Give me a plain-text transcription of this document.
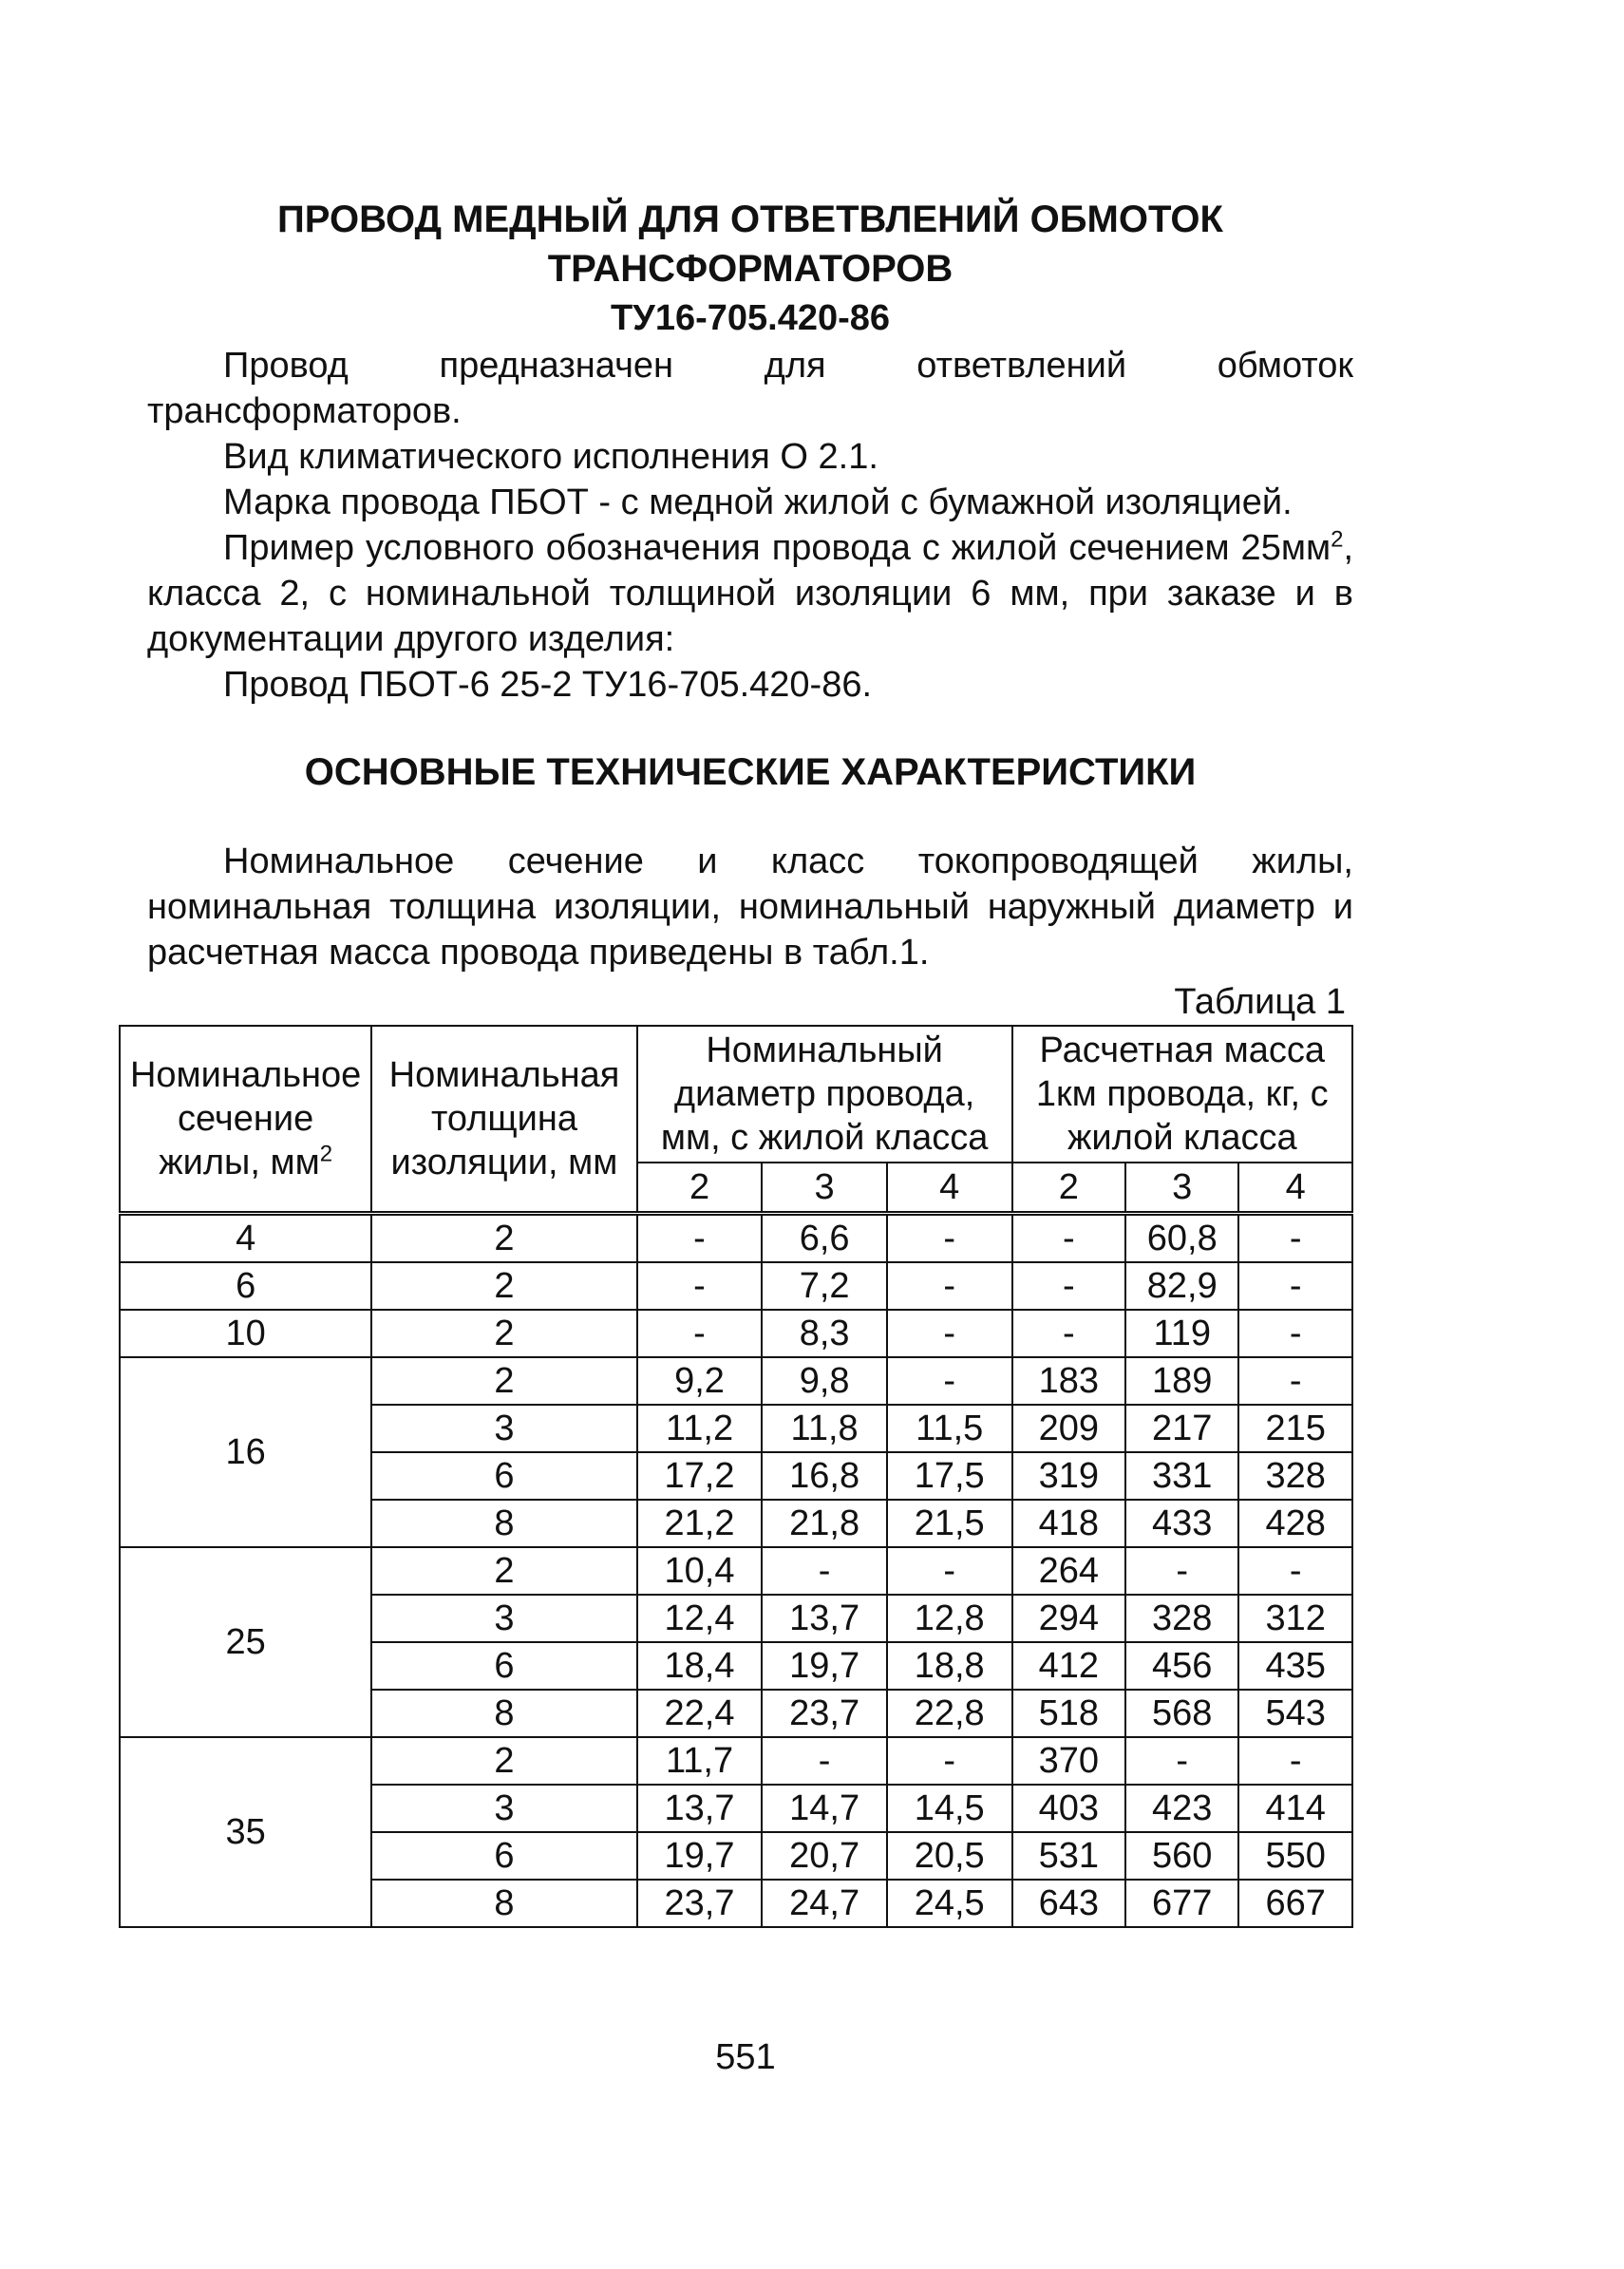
ПРОВОД МЕДНЫЙ ДЛЯ ОТВЕТВЛЕНИЙ ОБМОТОК

ТРАНСФОРМАТОРОВ

ТУ16-705.420-86

Провод предназначен для ответвлений обмоток трансформаторов.

Вид климатического исполнения О 2.1.

Марка провода ПБОТ - с медной жилой с бумажной изоляцией.

Пример условного обозначения провода с жилой сечением $25мм^2$, класса 2, с номинальной толщиной изоляции 6 мм, при заказе и в документации другого изделия:

Провод ПБОТ-6 25-2 ТУ16-705.420-86.

ОСНОВНЫЕ ТЕХНИЧЕСКИЕ ХАРАКТЕРИСТИКИ

Номинальное сечение и класс токопроводящей жилы, номинальная толщина изоляции, номинальный наружный диаметр и расчетная масса провода приведены в табл.1.

Таблица 1

Номинальное сечение жилы, $мм^2$	Номинальная толщина изоляции, мм	Номинальный диаметр провода, мм, с жилой класса			Расчетная масса 1км провода, кг, с жилой класса		
		2	3	4	2	3	4
4	2	-	6,6	-	-	60,8	-
6	2	-	7,2	-	-	82,9	-
10	2	-	8,3	-	-	119	-
16	2	9,2	9,8	-	183	189	-
	3	11,2	11,8	11,5	209	217	215
	6	17,2	16,8	17,5	319	331	328
	8	21,2	21,8	21,5	418	433	428
25	2	10,4	-	-	264	-	-
	3	12,4	13,7	12,8	294	328	312
	6	18,4	19,7	18,8	412	456	435
	8	22,4	23,7	22,8	518	568	543
35	2	11,7	-	-	370	-	-
	3	13,7	14,7	14,5	403	423	414
	6	19,7	20,7	20,5	531	560	550
	8	23,7	24,7	24,5	643	677	667
551
